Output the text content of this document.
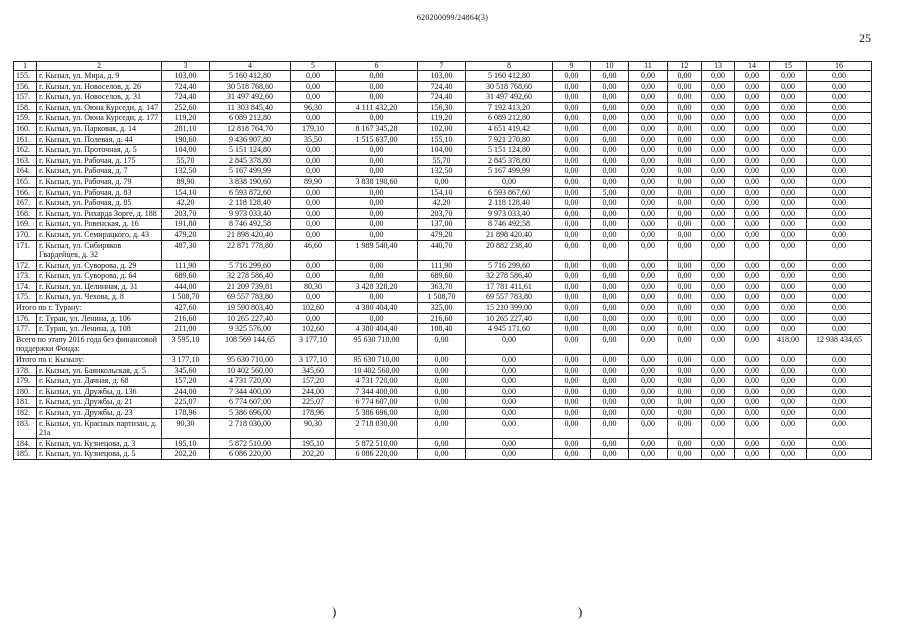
620200099/24864(3)
25
1	2	3	4	5	6	7	8	9	10	11	12	13	14	15	16
155.	г. Кызыл, ул. Мира, д. 9	103,00	5 160 412,80	0,00	0,00	103,00	5 160 412,80	0,00	0,00	0,00	0,00	0,00	0,00	0,00	0,00
156.	г. Кызыл, ул. Новоселов, д. 26	724,40	30 518 768,60	0,00	0,00	724,40	30 518 768,60	0,00	0,00	0,00	0,00	0,00	0,00	0,00	0,00
157.	г. Кызыл, ул. Новоселов, д. 31	724,40	31 497 492,60	0,00	0,00	724,40	31 497 492,60	0,00	0,00	0,00	0,00	0,00	0,00	0,00	0,00
158.	г. Кызыл, ул. Оюна Курседи, д. 147	252,60	11 303 845,40	96,30	4 111 432,20	156,30	7 192 413,20	0,00	0,00	0,00	0,00	0,00	0,00	0,00	0,00
159.	г. Кызыл, ул. Оюна Курседи, д. 177	119,20	6 089 212,80	0,00	0,00	119,20	6 089 212,80	0,00	0,00	0,00	0,00	0,00	0,00	0,00	0,00
160.	г. Кызыл, ул. Парковая, д. 14	281,10	12 818 764,70	179,10	8 167 345,28	102,00	4 651 419,42	0,00	0,00	0,00	0,00	0,00	0,00	0,00	0,00
161.	г. Кызыл, ул. Полевая, д. 44	190,60	9 436 907,80	35,50	1 515 637,00	155,10	7 921 270,80	0,00	0,00	0,00	0,00	0,00	0,00	0,00	0,00
162.	г. Кызыл, ул. Проточная, д. 5	104,00	5 151 124,80	0,00	0,00	104,00	5 151 124,80	0,00	0,00	0,00	0,00	0,00	0,00	0,00	0,00
163.	г. Кызыл, ул. Рабочая, д. 175	55,70	2 845 378,80	0,00	0,00	55,70	2 845 378,80	0,00	0,00	0,00	0,00	0,00	0,00	0,00	0,00
164.	г. Кызыл, ул. Рабочая, д. 7	132,50	5 167 499,99	0,00	0,00	132,50	5 167 499,99	0,00	0,00	0,00	0,00	0,00	0,00	0,00	0,00
165.	г. Кызыл, ул. Рабочая, д. 79	89,90	3 838 190,60	89,90	3 838 190,60	0,00	0,00	0,00	0,00	0,00	0,00	0,00	0,00	0,00	0,00
166.	г. Кызыл, ул. Рабочая, д. 83	154,10	6 593 872,60	0,00	0,00	154,10	6 593 867,60	0,00	5,00	0,00	0,00	0,00	0,00	0,00	0,00
167.	г. Кызыл, ул. Рабочая, д. 85	42,20	2 118 128,40	0,00	0,00	42,20	2 118 128,40	0,00	0,00	0,00	0,00	0,00	0,00	0,00	0,00
168.	г. Кызыл, ул. Рихарда Зорге, д. 188	203,70	9 973 033,40	0,00	0,00	203,70	9 973 033,40	0,00	0,00	0,00	0,00	0,00	0,00	0,00	0,00
169.	г. Кызыл, ул. Ровенская, д. 16	191,80	8 746 492,58	0,00	0,00	137,00	8 746 492,58	0,00	0,00	0,00	0,00	0,00	0,00	0,00	0,00
170.	г. Кызыл, ул. Семирацкого, д. 43	479,20	21 898 420,40	0,00	0,00	479,20	21 898 420,40	0,00	0,00	0,00	0,00	0,00	0,00	0,00	0,00
171.	г. Кызыл, ул. Сибиряков Гвардейцев, д. 32	487,30	22 871 778,80	46,60	1 989 540,40	440,70	20 882 238,40	0,00	0,00	0,00	0,00	0,00	0,00	0,00	0,00
172.	г. Кызыл, ул. Суворова, д. 29	111,90	5 716 299,60	0,00	0,00	111,90	5 716 299,60	0,00	0,00	0,00	0,00	0,00	0,00	0,00	0,00
173.	г. Кызыл, ул. Суворова, д. 64	689,60	32 278 586,40	0,00	0,00	689,60	32 278 586,40	0,00	0,00	0,00	0,00	0,00	0,00	0,00	0,00
174.	г. Кызыл, ул. Целинная, д. 31	444,00	21 209 739,81	80,30	3 428 328,20	363,70	17 781 411,61	0,00	0,00	0,00	0,00	0,00	0,00	0,00	0,00
175.	г. Кызыл, ул. Чехова, д. 8	1 508,70	69 557 783,80	0,00	0,00	1 508,70	69 557 783,80	0,00	0,00	0,00	0,00	0,00	0,00	0,00	0,00
Итого по г. Турану:		427,60	19 590 803,40	102,60	4 380 404,40	325,00	15 210 399,00	0,00	0,00	0,00	0,00	0,00	0,00	0,00	0,00
176.	г. Туран, ул. Ленина, д. 106	216,60	10 265 227,40	0,00	0,00	216,60	10 265 227,40	0,00	0,00	0,00	0,00	0,00	0,00	0,00	0,00
177.	г. Туран, ул. Ленина, д. 108	211,00	9 325 576,00	102,60	4 380 404,40	108,40	4 945 171,60	0,00	0,00	0,00	0,00	0,00	0,00	0,00	0,00
Всего по этапу 2016 года без финансовой поддержки Фонда:		3 595,10	108 569 144,65	3 177,10	95 630 710,00	0,00	0,00	0,00	0,00	0,00	0,00	0,00	0,00	418,00	12 938 434,65
Итого по г. Кызылу:		3 177,10	95 630 710,00	3 177,10	95 630 710,00	0,00	0,00	0,00	0,00	0,00	0,00	0,00	0,00	0,00	0,00
178.	г. Кызыл, ул. Баянкольская, д. 5	345,60	10 402 560,00	345,60	10 402 560,00	0,00	0,00	0,00	0,00	0,00	0,00	0,00	0,00	0,00	0,00
179.	г. Кызыл, ул. Дачная, д. 68	157,20	4 731 720,00	157,20	4 731 720,00	0,00	0,00	0,00	0,00	0,00	0,00	0,00	0,00	0,00	0,00
180.	г. Кызыл, ул. Дружбы, д. 136	244,00	7 344 400,00	244,00	7 344 400,00	0,00	0,00	0,00	0,00	0,00	0,00	0,00	0,00	0,00	0,00
181.	г. Кызыл, ул. Дружбы, д. 21	225,07	6 774 607,00	225,07	6 774 607,00	0,00	0,00	0,00	0,00	0,00	0,00	0,00	0,00	0,00	0,00
182.	г. Кызыл, ул. Дружбы, д. 23	178,96	5 386 696,00	178,96	5 386 696,00	0,00	0,00	0,00	0,00	0,00	0,00	0,00	0,00	0,00	0,00
183.	г. Кызыл, ул. Красных партизан, д. 21а	90,30	2 718 030,00	90,30	2 718 030,00	0,00	0,00	0,00	0,00	0,00	0,00	0,00	0,00	0,00	0,00
184.	г. Кызыл, ул. Кузнецова, д. 3	195,10	5 872 510,00	195,10	5 872 510,00	0,00	0,00	0,00	0,00	0,00	0,00	0,00	0,00	0,00	0,00
185.	г. Кызыл, ул. Кузнецова, д. 5	202,20	6 086 220,00	202,20	6 086 220,00	0,00	0,00	0,00	0,00	0,00	0,00	0,00	0,00	0,00	0,00
)	)
